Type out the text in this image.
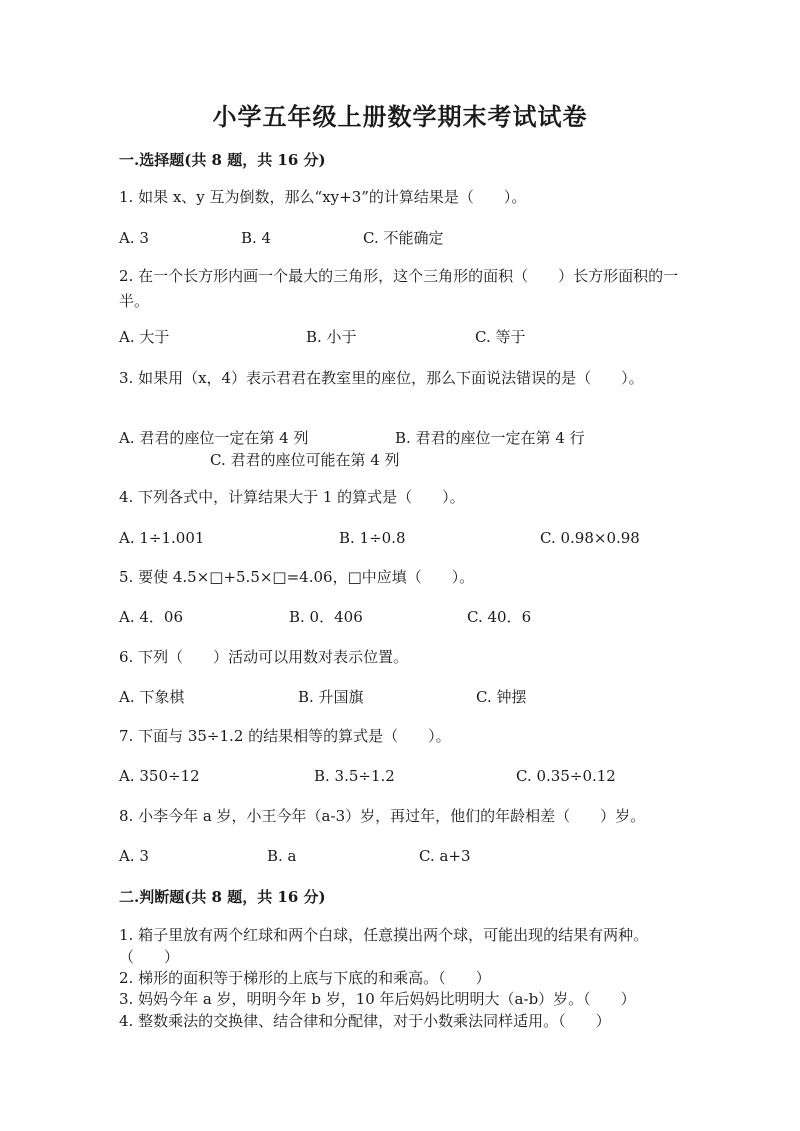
小学五年级上册数学期末考试试卷
一.选择题(共 8 题，共 16 分)
1. 如果 x、y 互为倒数，那么“xy+3”的计算结果是（　　）。
A. 3	B. 4	C. 不能确定
2. 在一个长方形内画一个最大的三角形，这个三角形的面积（　　）长方形面积的一半。
A. 大于	B. 小于	C. 等于
3. 如果用（x，4）表示君君在教室里的座位，那么下面说法错误的是（　　）。
A. 君君的座位一定在第 4 列	B. 君君的座位一定在第 4 行
C. 君君的座位可能在第 4 列
4. 下列各式中，计算结果大于 1 的算式是（　　）。
A. 1÷1.001	B. 1÷0.8	C. 0.98×0.98
5. 要使 4.5×□+5.5×□=4.06，□中应填（　　）。
A. 4．06	B. 0．406	C. 40．6
6. 下列（　　）活动可以用数对表示位置。
A. 下象棋	B. 升国旗	C. 钟摆
7. 下面与 35÷1.2 的结果相等的算式是（　　）。
A. 350÷12	B. 3.5÷1.2	C. 0.35÷0.12
8. 小李今年 a 岁，小王今年（a-3）岁，再过年，他们的年龄相差（　　）岁。
A. 3	B. a	C. a+3
二.判断题(共 8 题，共 16 分)
1. 箱子里放有两个红球和两个白球，任意摸出两个球，可能出现的结果有两种。（　　）
2. 梯形的面积等于梯形的上底与下底的和乘高。（　　）
3. 妈妈今年 a 岁，明明今年 b 岁，10 年后妈妈比明明大（a-b）岁。（　　）
4. 整数乘法的交换律、结合律和分配律，对于小数乘法同样适用。（　　）
